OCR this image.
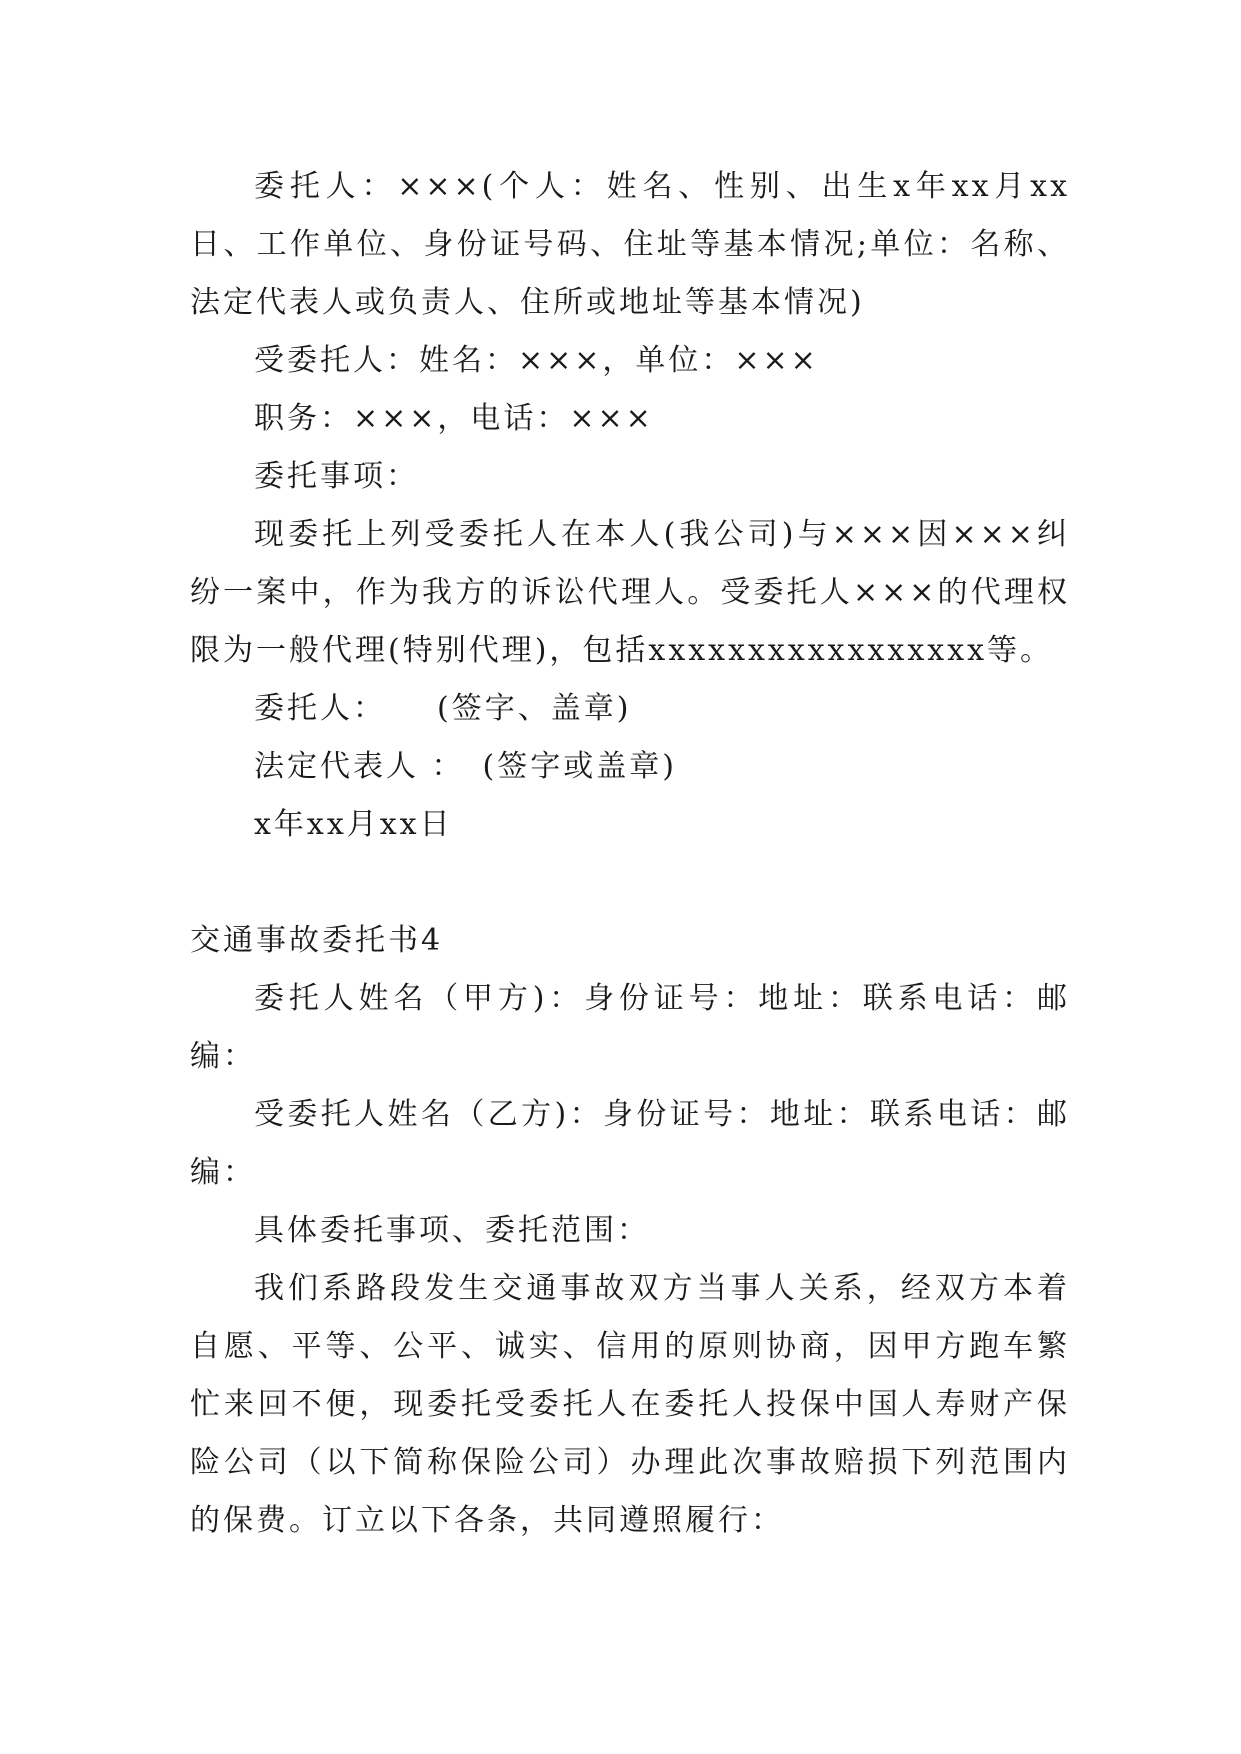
委托人：×××(个人：姓名、性别、出生x年xx月xx日、工作单位、身份证号码、住址等基本情况;单位：名称、法定代表人或负责人、住所或地址等基本情况)

受委托人：姓名：×××，单位：×××

职务：×××，电话：×××

委托事项：

现委托上列受委托人在本人(我公司)与×××因×××纠纷一案中，作为我方的诉讼代理人。受委托人×××的代理权限为一般代理(特别代理)，包括xxxxxxxxxxxxxxxxx等。

委托人：　　(签字、盖章)

法定代表人 ：　(签字或盖章)

x年xx月xx日

交通事故委托书4

委托人姓名（甲方)：身份证号：地址：联系电话：邮编：

受委托人姓名（乙方)：身份证号：地址：联系电话：邮编：

具体委托事项、委托范围：

我们系路段发生交通事故双方当事人关系，经双方本着自愿、平等、公平、诚实、信用的原则协商，因甲方跑车繁忙来回不便，现委托受委托人在委托人投保中国人寿财产保险公司（以下简称保险公司）办理此次事故赔损下列范围内的保费。订立以下各条，共同遵照履行：
